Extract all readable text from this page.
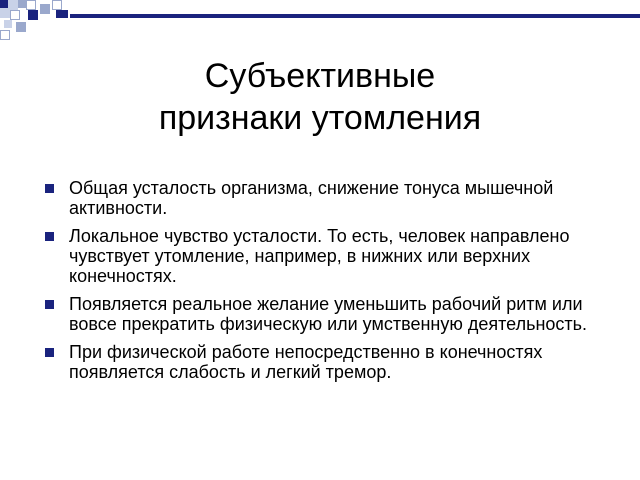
Субъективные
признаки утомления
Общая усталость организма, снижение тонуса мышечной активности.
Локальное чувство усталости. То есть, человек направлено чувствует утомление, например, в нижних или верхних конечностях.
Появляется реальное желание уменьшить рабочий ритм или вовсе прекратить физическую или умственную деятельность.
При физической работе непосредственно в конечностях появляется слабость и легкий тремор.
